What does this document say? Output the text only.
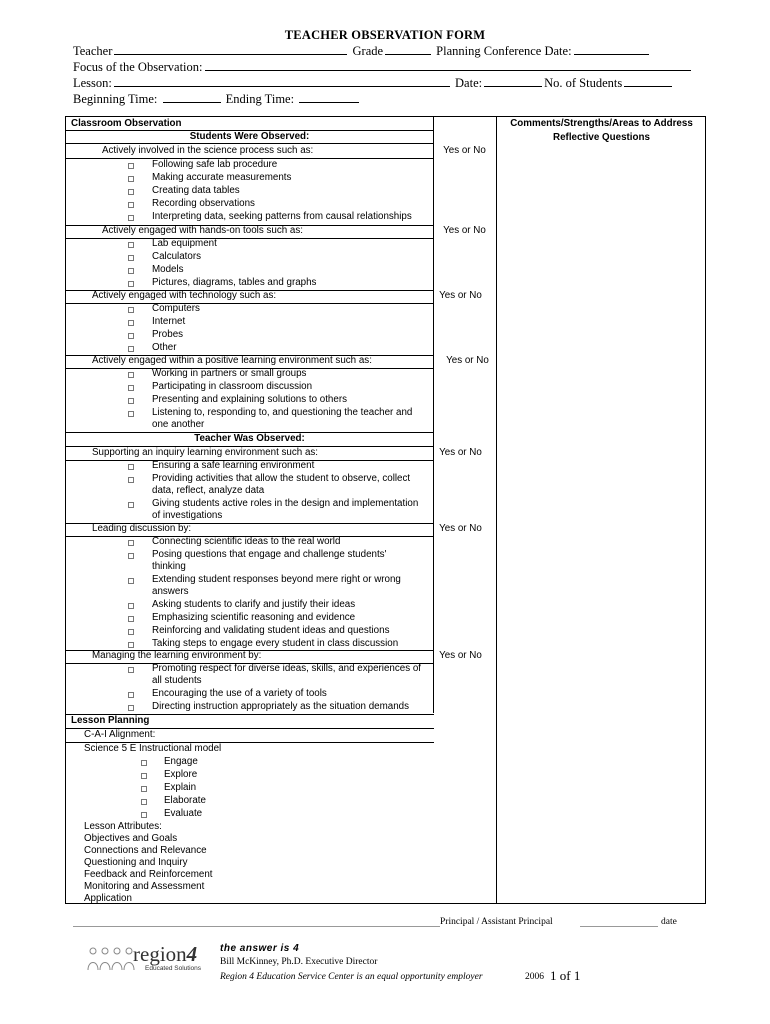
TEACHER OBSERVATION FORM
Teacher	Grade	Planning Conference Date:
Focus of the Observation:
Lesson:	Date:	No. of Students
Beginning Time:	Ending Time:
Classroom Observation	Comments/Strengths/Areas to Address
Reflective Questions
Students Were Observed:
Actively involved in the science process such as:	Yes or No
Following safe lab procedure
Making accurate measurements
Creating data tables
Recording observations
Interpreting data, seeking patterns from causal relationships
Actively engaged with hands-on tools such as:	Yes or No
Lab equipment
Calculators
Models
Pictures, diagrams, tables and graphs
Actively engaged with technology such as:	Yes or No
Computers
Internet
Probes
Other
Actively engaged within a positive learning environment such as:	Yes or No
Working in partners or small groups
Participating in classroom discussion
Presenting and explaining solutions to others
Listening to, responding to, and questioning the teacher and
one another
Teacher Was Observed:
Supporting an inquiry learning environment such as:	Yes or No
Ensuring a safe learning environment
Providing activities that allow the student to observe, collect
data, reflect, analyze data
Giving students active roles in the design and implementation
of investigations
Leading discussion by:	Yes or No
Connecting scientific ideas to the real world
Posing questions that engage and challenge students'
thinking
Extending student responses beyond mere right or wrong
answers
Asking students to clarify and justify their ideas
Emphasizing scientific reasoning and evidence
Reinforcing and validating student ideas and questions
Taking steps to engage every student in class discussion
Managing the learning environment by:	Yes or No
Promoting respect for diverse ideas, skills, and experiences of
all students
Encouraging the use of a variety of tools
Directing instruction appropriately as the situation demands
Lesson Planning
C-A-I Alignment:
Science 5 E Instructional model
Engage
Explore
Explain
Elaborate
Evaluate
Lesson Attributes:
Objectives and Goals
Connections and Relevance
Questioning and Inquiry
Feedback and Reinforcement
Monitoring and Assessment
Application
Principal / Assistant Principal	date
region4
Educated Solutions
the answer is 4
Bill McKinney, Ph.D. Executive Director
Region 4 Education Service Center is an equal opportunity employer	2006 1 of 1
